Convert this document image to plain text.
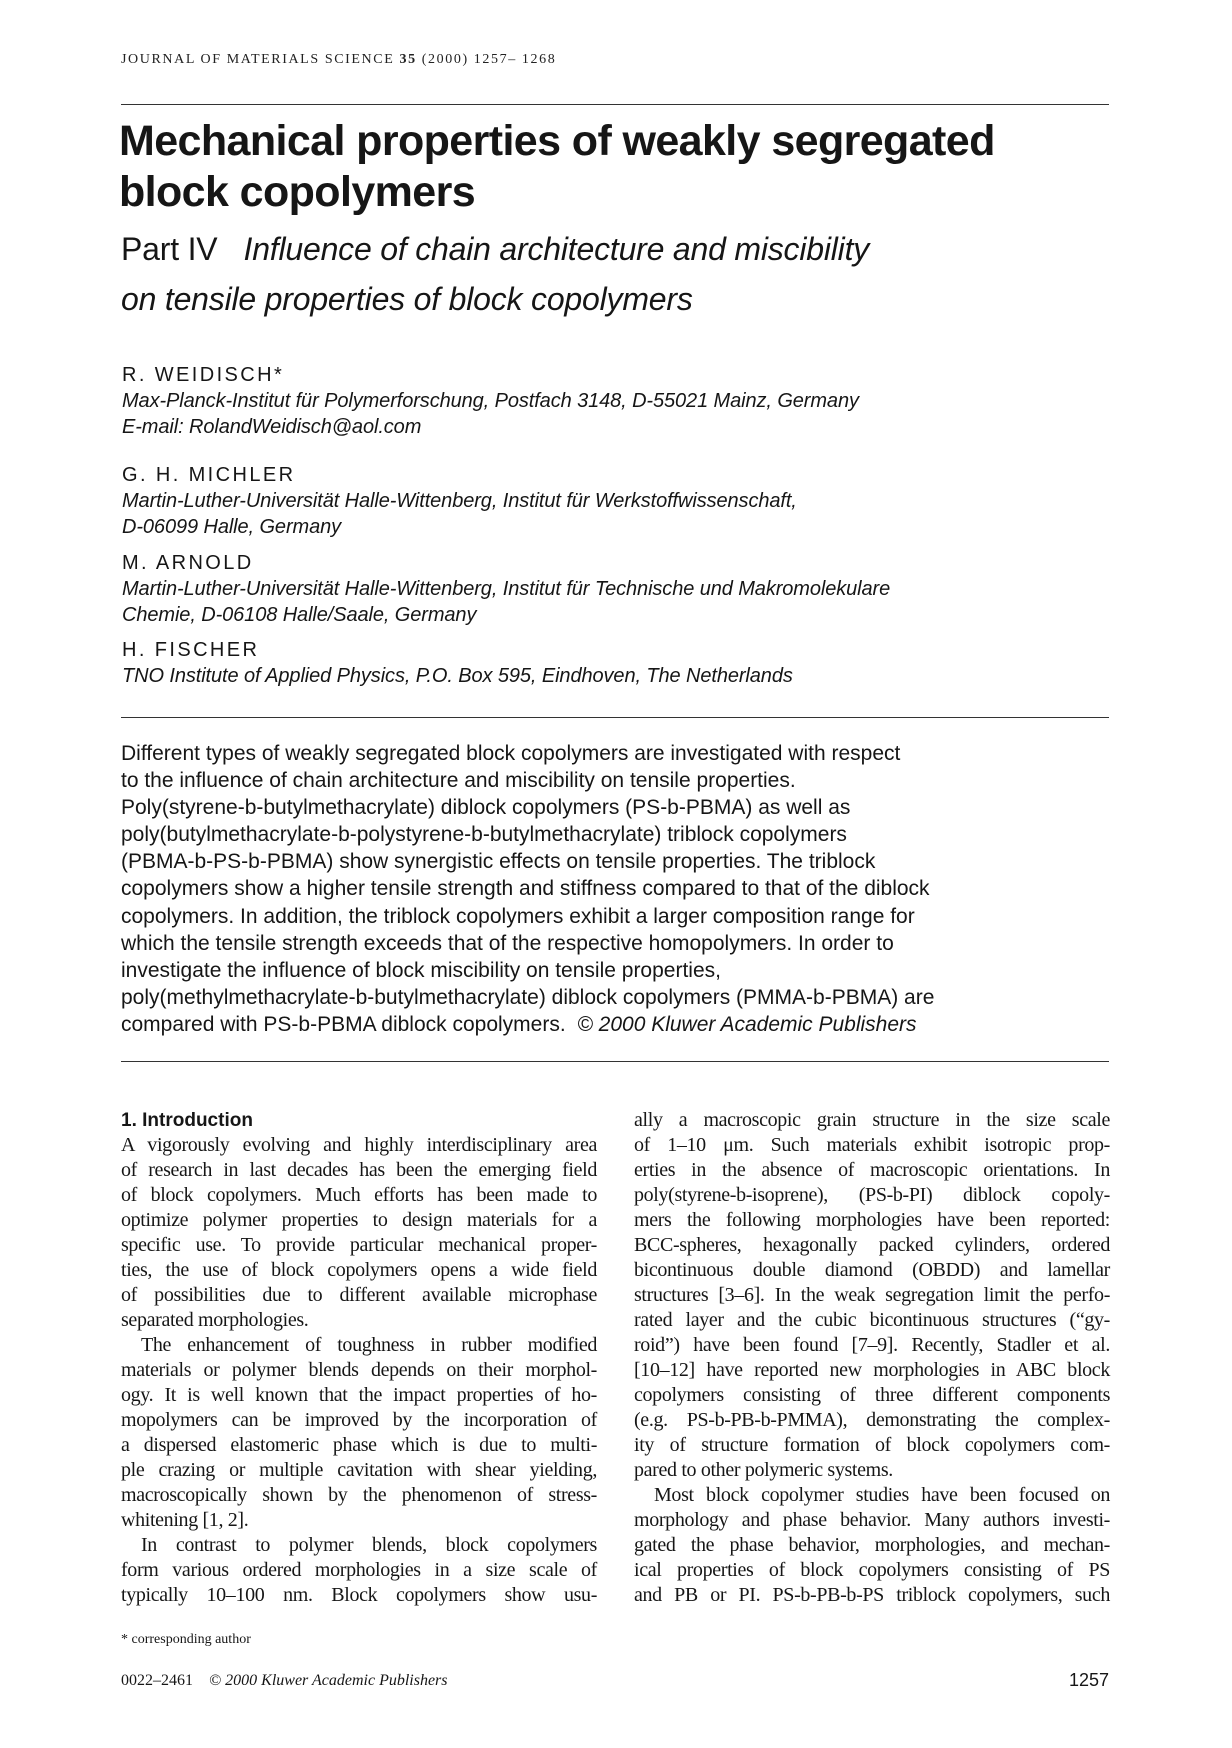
JOURNAL OF MATERIALS SCIENCE 35 (2000) 1257– 1268
Mechanical properties of weakly segregated
block copolymers
Part IV Influence of chain architecture and miscibility
on tensile properties of block copolymers
R. WEIDISCH*
Max-Planck-Institut für Polymerforschung, Postfach 3148, D-55021 Mainz, Germany
E-mail: RolandWeidisch@aol.com
G. H. MICHLER
Martin-Luther-Universität Halle-Wittenberg, Institut für Werkstoffwissenschaft,
D-06099 Halle, Germany
M. ARNOLD
Martin-Luther-Universität Halle-Wittenberg, Institut für Technische und Makromolekulare
Chemie, D-06108 Halle/Saale, Germany
H. FISCHER
TNO Institute of Applied Physics, P.O. Box 595, Eindhoven, The Netherlands
Different types of weakly segregated block copolymers are investigated with respect
to the influence of chain architecture and miscibility on tensile properties.
Poly(styrene-b-butylmethacrylate) diblock copolymers (PS-b-PBMA) as well as
poly(butylmethacrylate-b-polystyrene-b-butylmethacrylate) triblock copolymers
(PBMA-b-PS-b-PBMA) show synergistic effects on tensile properties. The triblock
copolymers show a higher tensile strength and stiffness compared to that of the diblock
copolymers. In addition, the triblock copolymers exhibit a larger composition range for
which the tensile strength exceeds that of the respective homopolymers. In order to
investigate the influence of block miscibility on tensile properties,
poly(methylmethacrylate-b-butylmethacrylate) diblock copolymers (PMMA-b-PBMA) are
compared with PS-b-PBMA diblock copolymers. © 2000 Kluwer Academic Publishers
1. Introduction
A vigorously evolving and highly interdisciplinary area
of research in last decades has been the emerging field
of block copolymers. Much efforts has been made to
optimize polymer properties to design materials for a
specific use. To provide particular mechanical proper-
ties, the use of block copolymers opens a wide field
of possibilities due to different available microphase
separated morphologies.
The enhancement of toughness in rubber modified
materials or polymer blends depends on their morphol-
ogy. It is well known that the impact properties of ho-
mopolymers can be improved by the incorporation of
a dispersed elastomeric phase which is due to multi-
ple crazing or multiple cavitation with shear yielding,
macroscopically shown by the phenomenon of stress-
whitening [1, 2].
In contrast to polymer blends, block copolymers
form various ordered morphologies in a size scale of
typically 10–100 nm. Block copolymers show usu-
ally a macroscopic grain structure in the size scale
of 1–10 μm. Such materials exhibit isotropic prop-
erties in the absence of macroscopic orientations. In
poly(styrene-b-isoprene), (PS-b-PI) diblock copoly-
mers the following morphologies have been reported:
BCC-spheres, hexagonally packed cylinders, ordered
bicontinuous double diamond (OBDD) and lamellar
structures [3–6]. In the weak segregation limit the perfo-
rated layer and the cubic bicontinuous structures (“gy-
roid”) have been found [7–9]. Recently, Stadler et al.
[10–12] have reported new morphologies in ABC block
copolymers consisting of three different components
(e.g. PS-b-PB-b-PMMA), demonstrating the complex-
ity of structure formation of block copolymers com-
pared to other polymeric systems.
Most block copolymer studies have been focused on
morphology and phase behavior. Many authors investi-
gated the phase behavior, morphologies, and mechan-
ical properties of block copolymers consisting of PS
and PB or PI. PS-b-PB-b-PS triblock copolymers, such
* corresponding author
0022–2461 © 2000 Kluwer Academic Publishers	1257
